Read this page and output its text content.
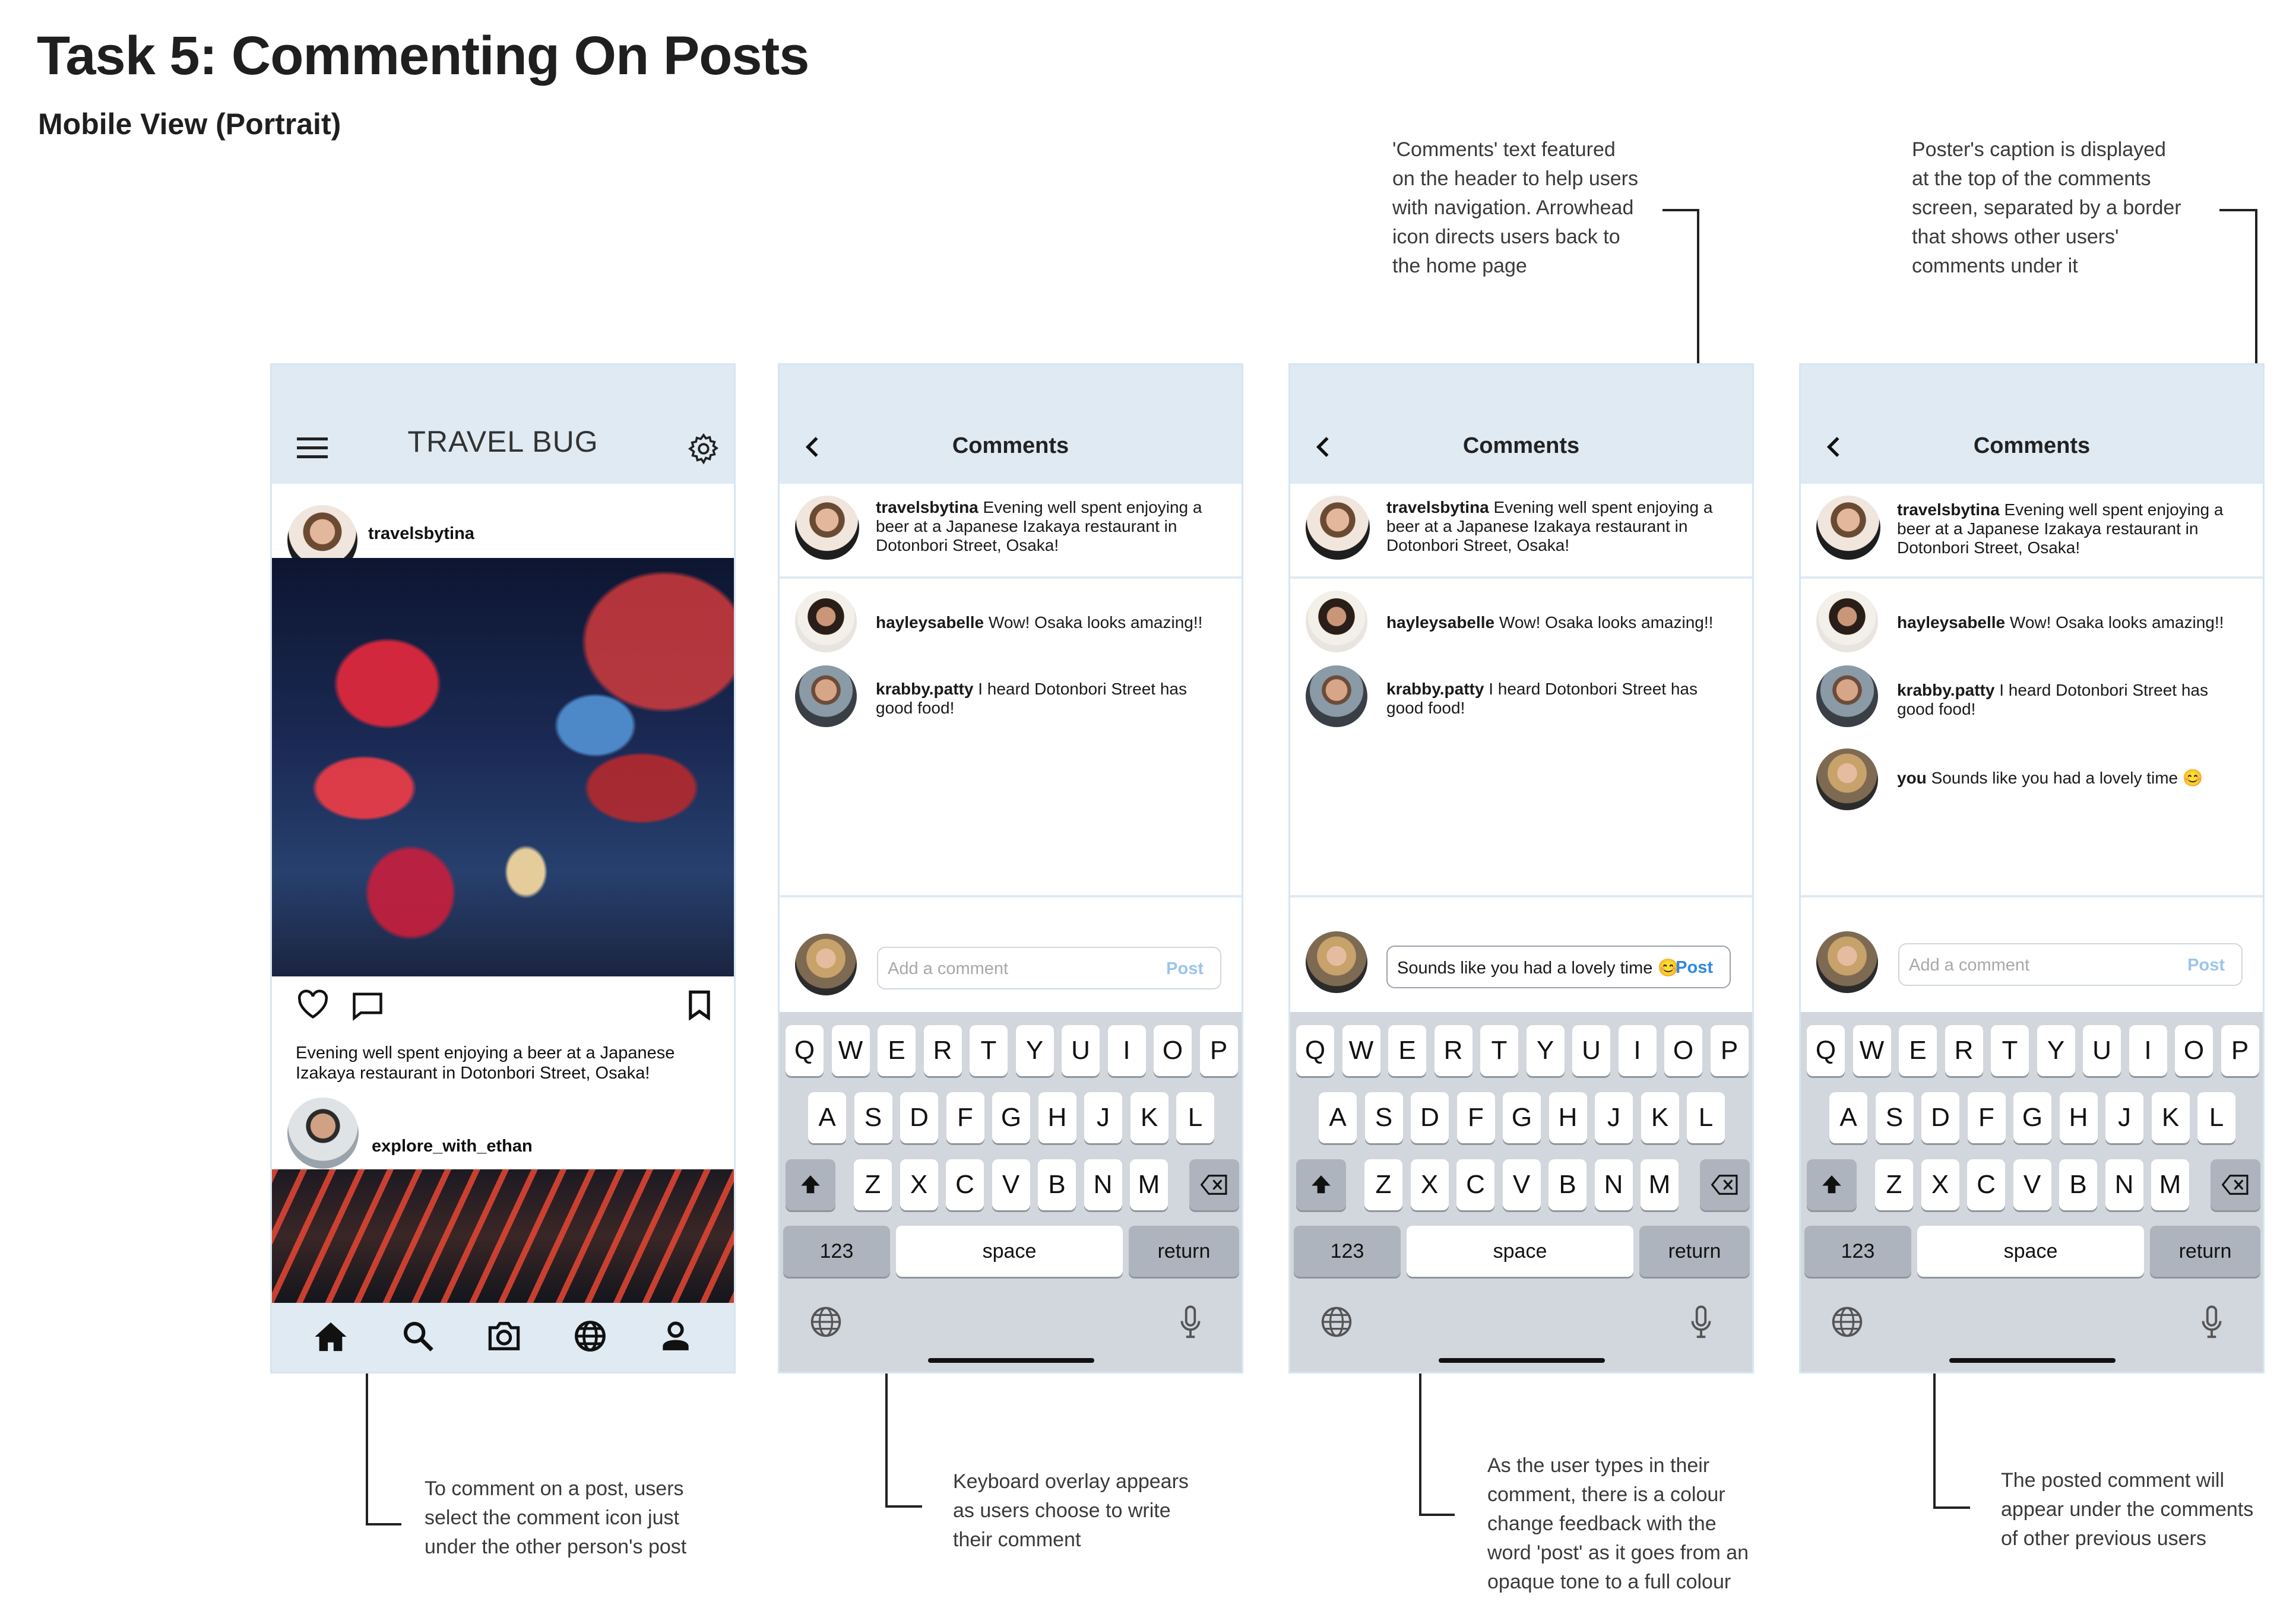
Task 5: Commenting On Posts
Mobile View (Portrait)
'Comments' text featured
on the header to help users
with navigation. Arrowhead
icon directs users back to
the home page
Poster's caption is displayed
at the top of the comments
screen, separated by a border
that shows other users'
comments under it
To comment on a post, users
select the comment icon just
under the other person's post
Keyboard overlay appears
as users choose to write
their comment
As the user types in their
comment, there is a colour
change feedback with the
word 'post' as it goes from an
opaque tone to a full colour
The posted comment will
appear under the comments
of other previous users
TRAVEL BUG
travelsbytina
Evening well spent enjoying a beer at a Japanese Izakaya restaurant in Dotonbori Street, Osaka!
explore_with_ethan
Comments
travelsbytina Evening well spent enjoying a beer at a Japanese Izakaya restaurant in Dotonbori Street, Osaka!
hayleysabelle Wow! Osaka looks amazing!!
krabby.patty I heard Dotonbori Street has good food!
Add a comment	Post
Q W E	R	T	Y	U	I	O	P
A	S	D	F	G	H	J	K	L
Z	X	C	V	B	N M
123	space	return
Comments
travelsbytina Evening well spent enjoying a beer at a Japanese Izakaya restaurant in Dotonbori Street, Osaka!
hayleysabelle Wow! Osaka looks amazing!!
krabby.patty I heard Dotonbori Street has good food!
Sounds like you had a lovely time 😊
Post
Q W E	R	T	Y	U	I	O	P
A	S	D	F	G	H	J	K	L
Z	X	C	V	B	N M
123	space	return
Comments
travelsbytina Evening well spent enjoying a beer at a Japanese Izakaya restaurant in Dotonbori Street, Osaka!
hayleysabelle Wow! Osaka looks amazing!!
krabby.patty I heard Dotonbori Street has good food!
you Sounds like you had a lovely time 😊
Add a comment	Post
Q W E	R	T	Y	U	I	O	P
A	S	D	F	G	H	J	K	L
Z	X	C	V	B	N M
123	space	return
